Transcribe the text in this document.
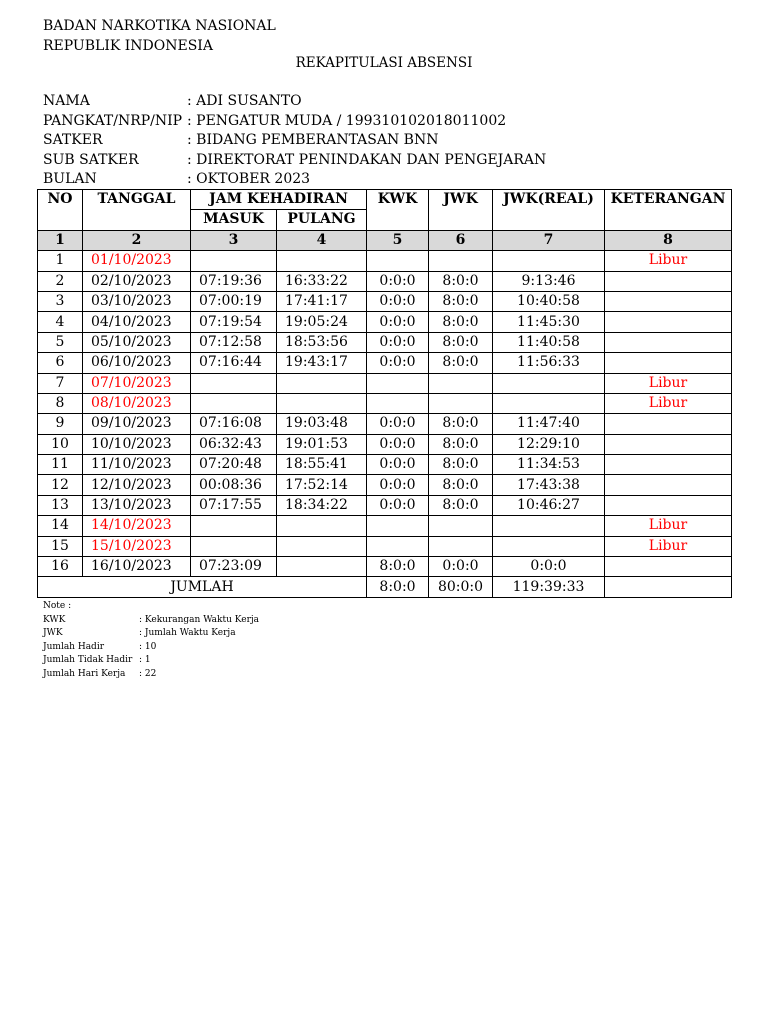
BADAN NARKOTIKA NASIONAL
REPUBLIK INDONESIA
REKAPITULASI ABSENSI
NAMA	: ADI SUSANTO
PANGKAT/NRP/NIP : PENGATUR MUDA / 199310102018011002
SATKER	: BIDANG PEMBERANTASAN BNN
SUB SATKER	: DIREKTORAT PENINDAKAN DAN PENGEJARAN
BULAN	: OKTOBER 2023
NO	TANGGAL	JAM KEHADIRAN		KWK	JWK	JWK(REAL)	KETERANGAN
		MASUK	PULANG				
1	2	3	4	5	6	7	8
1	01/10/2023						Libur
2	02/10/2023	07:19:36	16:33:22	0:0:0	8:0:0	9:13:46	
3	03/10/2023	07:00:19	17:41:17	0:0:0	8:0:0	10:40:58	
4	04/10/2023	07:19:54	19:05:24	0:0:0	8:0:0	11:45:30	
5	05/10/2023	07:12:58	18:53:56	0:0:0	8:0:0	11:40:58	
6	06/10/2023	07:16:44	19:43:17	0:0:0	8:0:0	11:56:33	
7	07/10/2023						Libur
8	08/10/2023						Libur
9	09/10/2023	07:16:08	19:03:48	0:0:0	8:0:0	11:47:40	
10	10/10/2023	06:32:43	19:01:53	0:0:0	8:0:0	12:29:10	
11	11/10/2023	07:20:48	18:55:41	0:0:0	8:0:0	11:34:53	
12	12/10/2023	00:08:36	17:52:14	0:0:0	8:0:0	17:43:38	
13	13/10/2023	07:17:55	18:34:22	0:0:0	8:0:0	10:46:27	
14	14/10/2023						Libur
15	15/10/2023						Libur
16	16/10/2023	07:23:09		8:0:0	0:0:0	0:0:0	
JUMLAH				8:0:0	80:0:0	119:39:33	
Note :
KWK	: Kekurangan Waktu Kerja
JWK	: Jumlah Waktu Kerja
Jumlah Hadir	: 10
Jumlah Tidak Hadir : 1
Jumlah Hari Kerja	: 22
